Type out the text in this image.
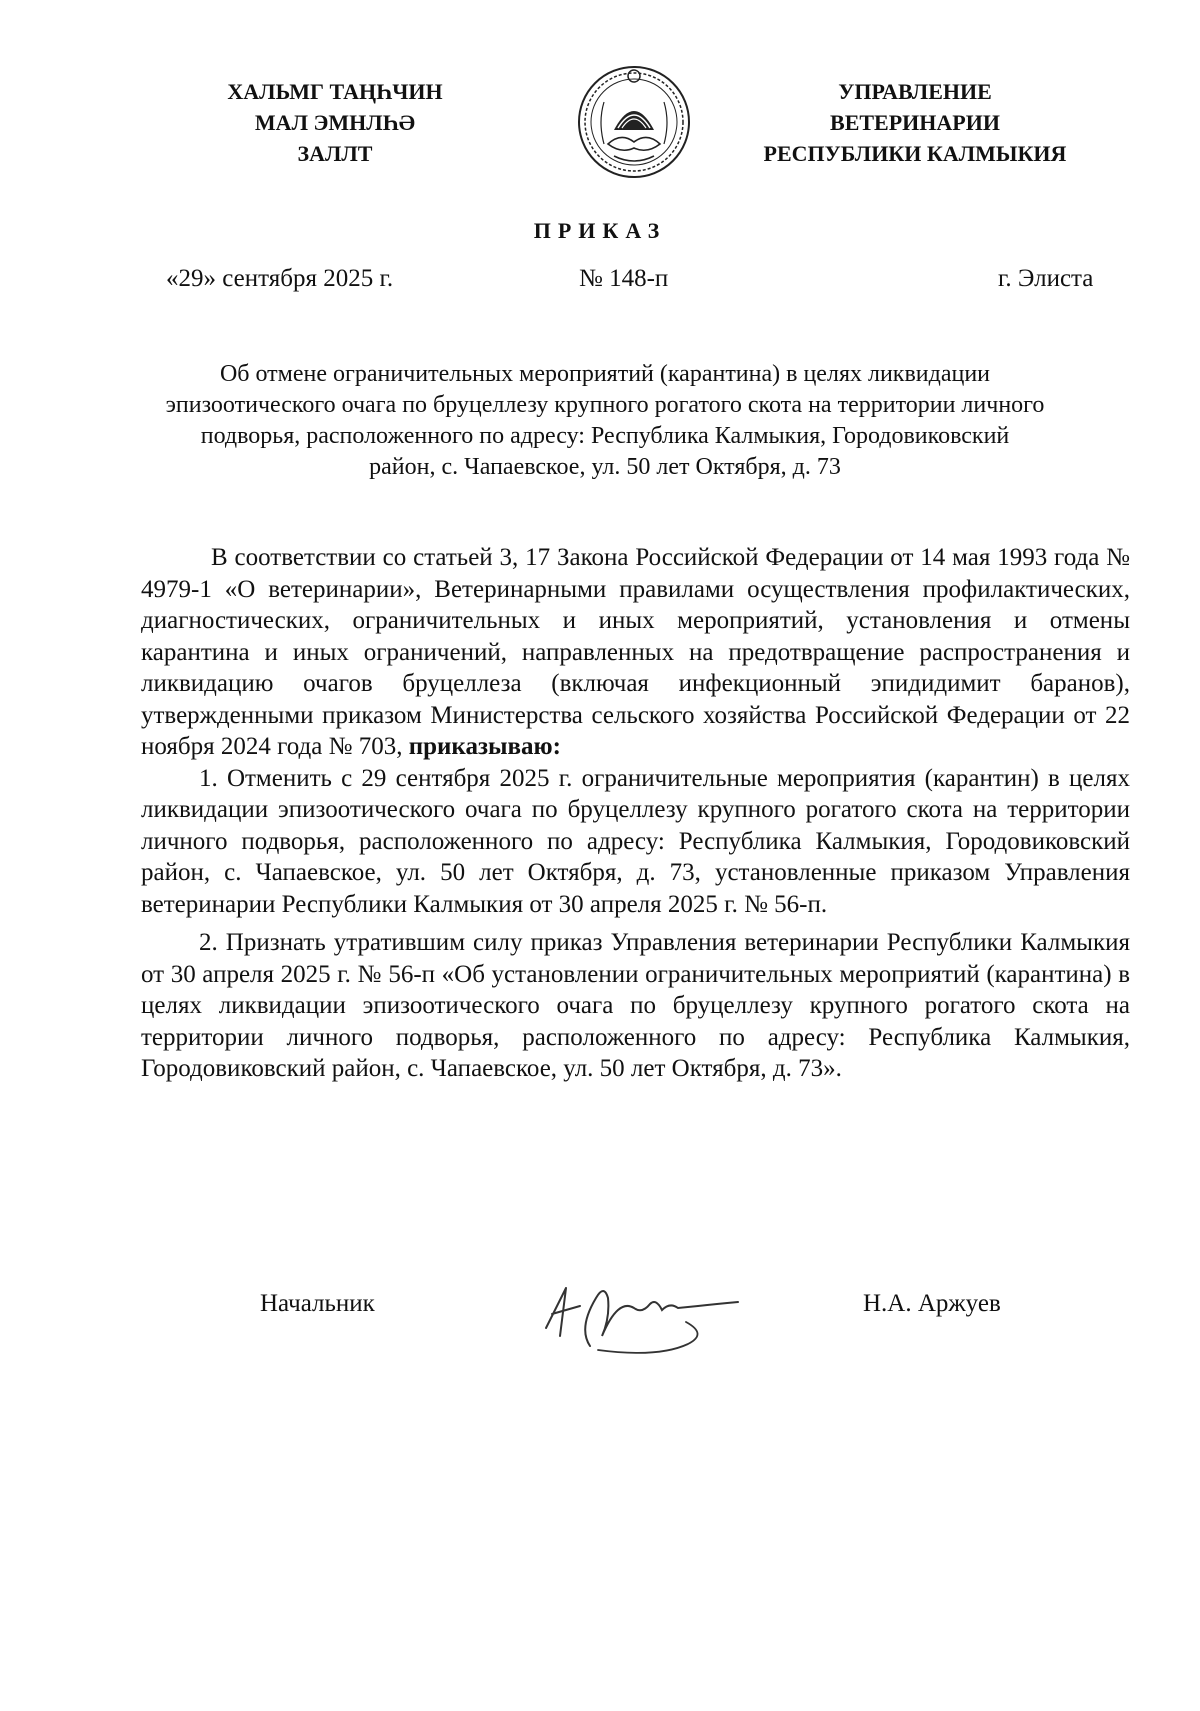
ХАЛЬМГ ТАҢҺЧИН
МАЛ ЭМНЛҺӘ
ЗАЛЛТ
УПРАВЛЕНИЕ
ВЕТЕРИНАРИИ
РЕСПУБЛИКИ КАЛМЫКИЯ
ПРИКАЗ
«29» сентября 2025 г.	№ 148-п	г. Элиста
Об отмене ограничительных мероприятий (карантина) в целях ликвидации
эпизоотического очага по бруцеллезу крупного рогатого скота на территории личного
подворья, расположенного по адресу: Республика Калмыкия, Городовиковский
район, с. Чапаевское, ул. 50 лет Октября, д. 73

В соответствии со статьей 3, 17 Закона Российской Федерации от 14 мая 1993 года № 4979-1 «О ветеринарии», Ветеринарными правилами осуществления профилактических, диагностических, ограничительных и иных мероприятий, установления и отмены карантина и иных ограничений, направленных на предотвращение распространения и ликвидацию очагов бруцеллеза (включая инфекционный эпидидимит баранов), утвержденными приказом Министерства сельского хозяйства Российской Федерации от 22 ноября 2024 года № 703, приказываю:

1. Отменить с 29 сентября 2025 г. ограничительные мероприятия (карантин) в целях ликвидации эпизоотического очага по бруцеллезу крупного рогатого скота на территории личного подворья, расположенного по адресу: Республика Калмыкия, Городовиковский район, с. Чапаевское, ул. 50 лет Октября, д. 73, установленные приказом Управления ветеринарии Республики Калмыкия от 30 апреля 2025 г. № 56-п.

2. Признать утратившим силу приказ Управления ветеринарии Республики Калмыкия от 30 апреля 2025 г. № 56-п «Об установлении ограничительных мероприятий (карантина) в целях ликвидации эпизоотического очага по бруцеллезу крупного рогатого скота на территории личного подворья, расположенного по адресу: Республика Калмыкия, Городовиковский район, с. Чапаевское, ул. 50 лет Октября, д. 73».

Начальник	Н.А. Аржуев
